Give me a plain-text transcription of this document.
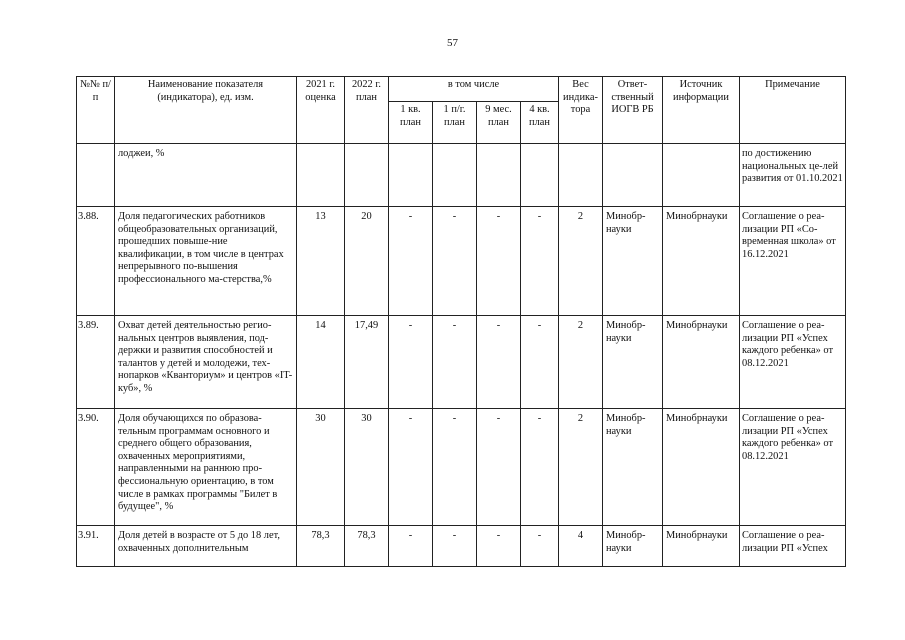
57
№№ п/п	Наименование показателя (индикатора), ед. изм.	2021 г. оценка	2022 г. план	в том числе				Вес индика-тора	Ответ-ственный ИОГВ РБ	Источник информации	Примечание
				1 кв. план	1 п/г. план	9 мес. план	4 кв. план				
	лоджеи, %										по достижению национальных це-лей развития от 01.10.2021
3.88.	Доля педагогических работников общеобразовательных организаций, прошедших повыше-ние квалификации, в том числе в центрах непрерывного по-вышения профессионального ма-стерства,%	13	20	-	-	-	-	2	Минобр-науки	Минобрнауки	Соглашение о реа-лизации РП «Со-временная школа» от 16.12.2021
3.89.	Охват детей деятельностью регио-нальных центров выявления, под-держки и развития способностей и талантов у детей и молодежи, тех-нопарков «Кванториум» и центров «IT-куб», %	14	17,49	-	-	-	-	2	Минобр-науки	Минобрнауки	Соглашение о реа-лизации РП «Успех каждого ребенка» от 08.12.2021
3.90.	Доля обучающихся по образова-тельным программам основного и среднего общего образования, охваченных мероприятиями, направленными на раннюю про-фессиональную ориентацию, в том числе в рамках программы "Билет в будущее", %	30	30	-	-	-	-	2	Минобр-науки	Минобрнауки	Соглашение о реа-лизации РП «Успех каждого ребенка» от 08.12.2021
3.91.	Доля детей в возрасте от 5 до 18 лет, охваченных дополнительным	78,3	78,3	-	-	-	-	4	Минобр-науки	Минобрнауки	Соглашение о реа-лизации РП «Успех
